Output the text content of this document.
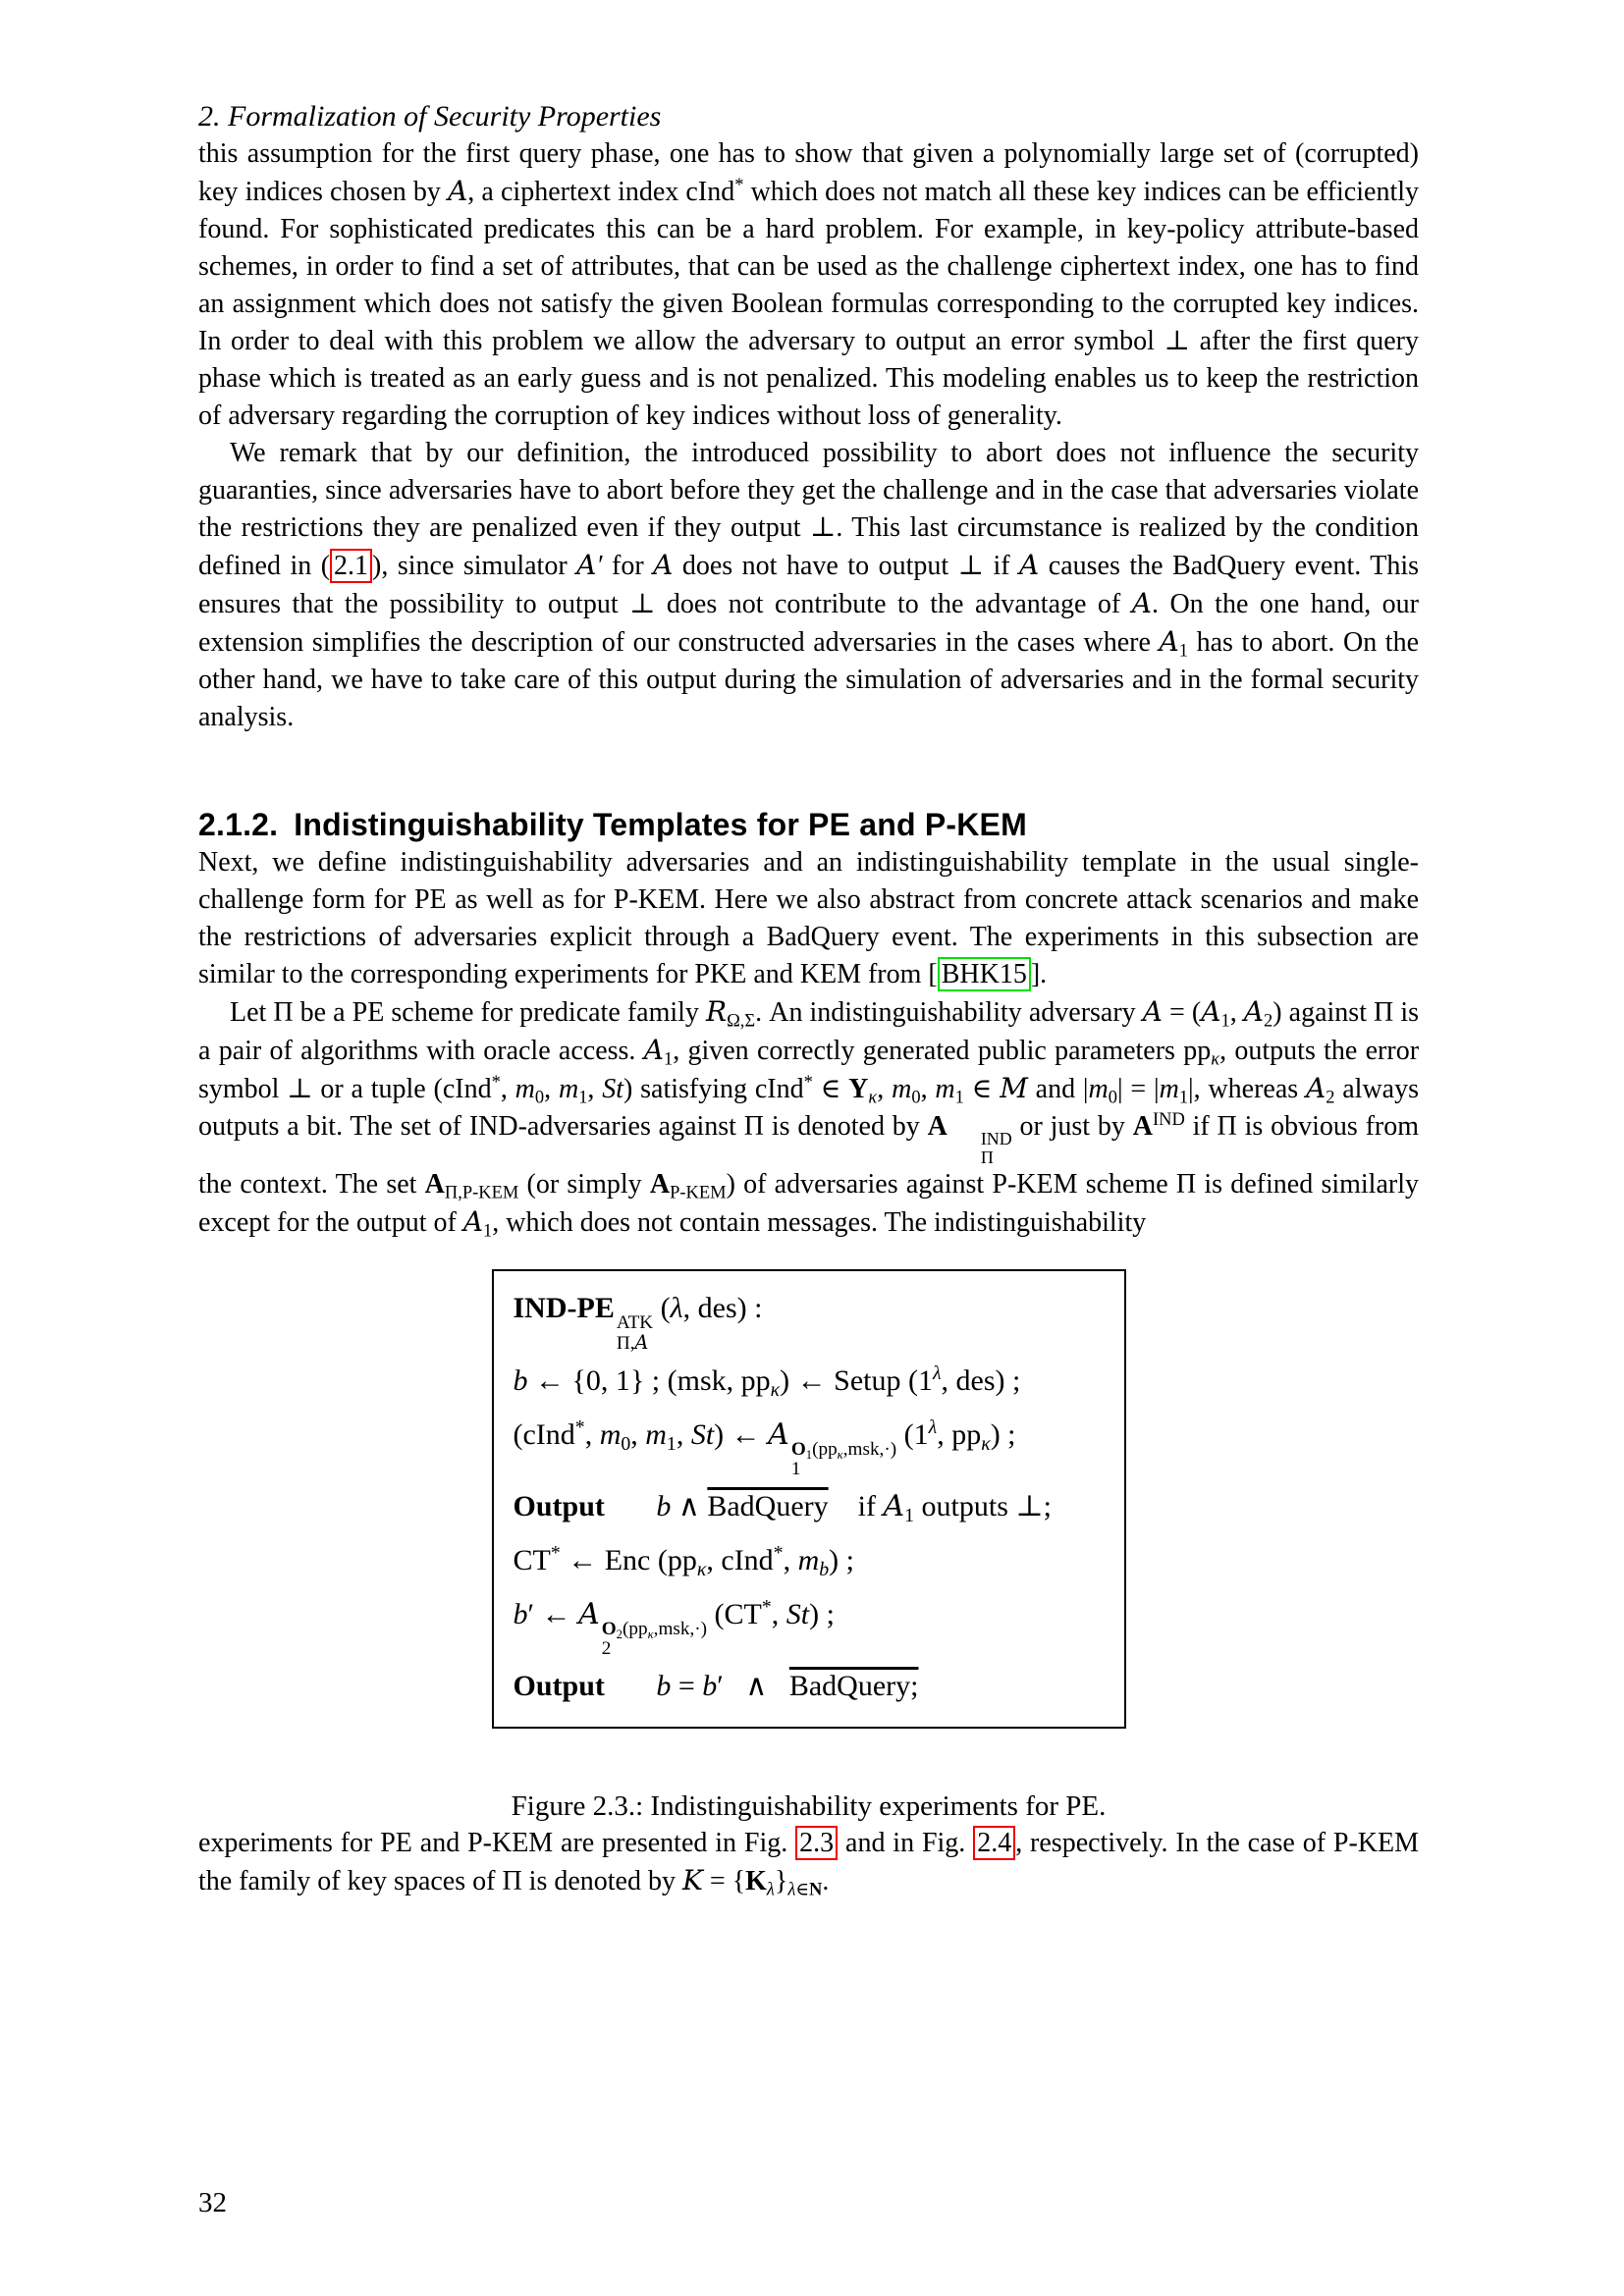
2. Formalization of Security Properties

this assumption for the first query phase, one has to show that given a polynomially large set of (corrupted) key indices chosen by A, a ciphertext index cInd* which does not match all these key indices can be efficiently found. For sophisticated predicates this can be a hard problem. For example, in key-policy attribute-based schemes, in order to find a set of attributes, that can be used as the challenge ciphertext index, one has to find an assignment which does not satisfy the given Boolean formulas corresponding to the corrupted key indices. In order to deal with this problem we allow the adversary to output an error symbol ⊥ after the first query phase which is treated as an early guess and is not penalized. This modeling enables us to keep the restriction of adversary regarding the corruption of key indices without loss of generality.

We remark that by our definition, the introduced possibility to abort does not influence the security guaranties, since adversaries have to abort before they get the challenge and in the case that adversaries violate the restrictions they are penalized even if they output ⊥. This last circumstance is realized by the condition defined in ( 2.1 ), since simulator A′ for A does not have to output ⊥ if A causes the BadQuery event. This ensures that the possibility to output ⊥ does not contribute to the advantage of A. On the one hand, our extension simplifies the description of our constructed adversaries in the cases where $A_1$ has to abort. On the other hand, we have to take care of this output during the simulation of adversaries and in the formal security analysis.

2.1.2. Indistinguishability Templates for PE and P-KEM

Next, we define indistinguishability adversaries and an indistinguishability template in the usual single-challenge form for PE as well as for P-KEM. Here we also abstract from concrete attack scenarios and make the restrictions of adversaries explicit through a BadQuery event. The experiments in this subsection are similar to the corresponding experiments for PKE and KEM from [ BHK15 ].

Let Π be a PE scheme for predicate family $R_{\Omega,\Sigma}$. An indistinguishability adversary $A = (A_1$, $A_2$) against Π is a pair of algorithms with oracle access. $A_1$, given correctly generated public parameters $pp_\kappa$, outputs the error symbol ⊥ or a tuple (cInd*, $m_0$, $m_1$, St) satisfying cInd* ∈ $Y_\kappa$, $m_0$, $m_1$ ∈ M and $|m_0| = |m_1|$, whereas $A_2$ always outputs a bit. The set of IND-adversaries against Π is denoted by A	IND
Π
or just by $A^{IND}$ if Π is obvious from the context. The set $A_{\Pi,P-KEM}$ (or simply $A_{P-KEM}$) of adversaries against P-KEM scheme Π is defined similarly except for the output of $A_1$, which does not contain messages. The indistinguishability

IND-PE ATK
Π,A
(λ, des) :
b ← {0, 1} ; (msk, $pp_\kappa$) ← Setup ($1^\lambda$, des) ;
(cInd*, $m_0$, $m_1$, St) ← A $O_1(pp_\kappa,msk,\cdot)$
1
($1^\lambda$, $pp_\kappa$) ;
Output b ∧ BadQuery    if $A_1$ outputs ⊥;
CT* ← Enc ($pp_\kappa$, cInd*, $m_b$) ;
b′ ← A $O_2(pp_\kappa,msk,\cdot)$
2
(CT*, St) ;
Output b = b′   ∧   BadQuery;
Figure 2.3.: Indistinguishability experiments for PE.

experiments for PE and P-KEM are presented in Fig. 2.3 and in Fig. 2.4 , respectively. In the case of P-KEM the family of key spaces of Π is denoted by $K = \{K_\lambda\}_{\lambda\in N}$.

32
